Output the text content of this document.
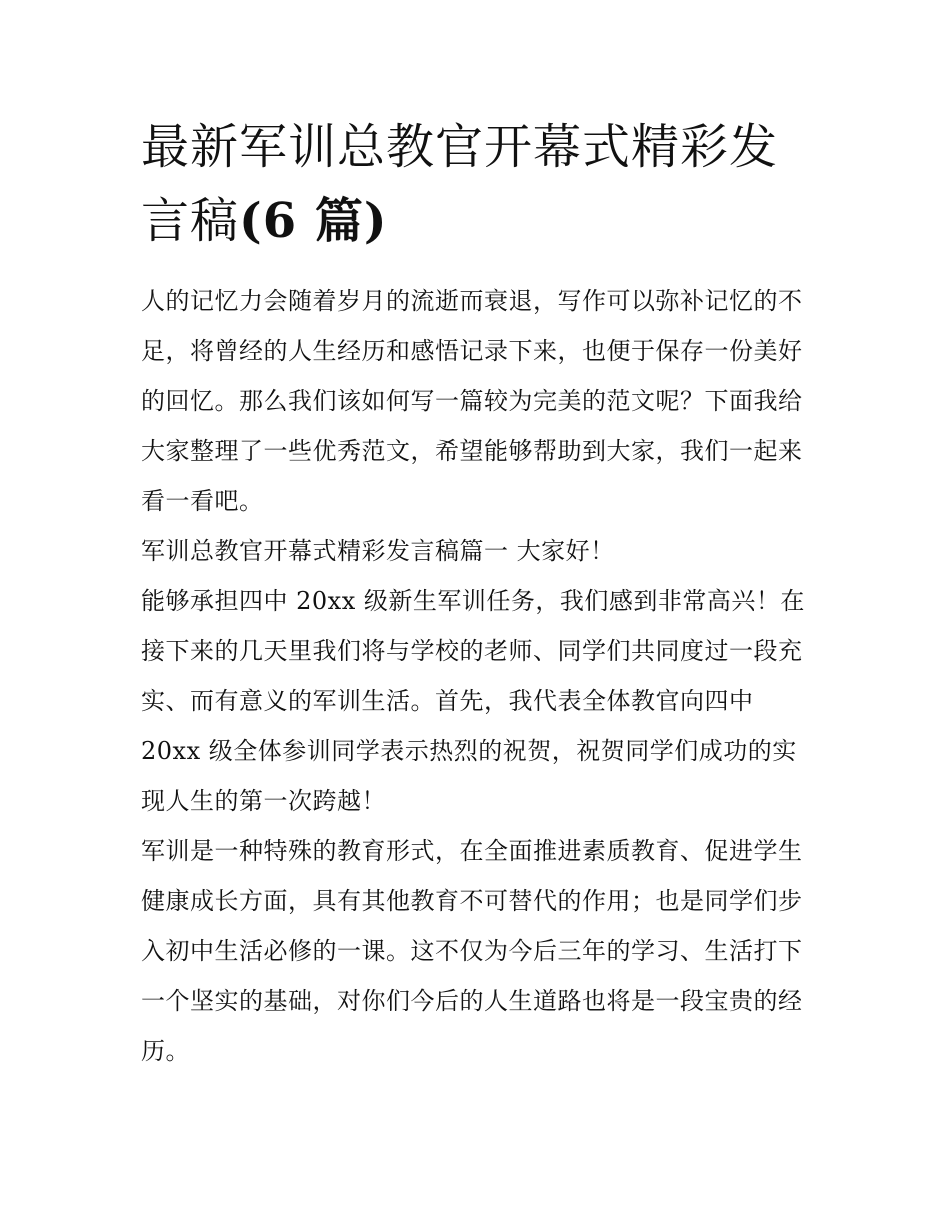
最新军训总教官开幕式精彩发言稿(6 篇)

人的记忆力会随着岁月的流逝而衰退，写作可以弥补记忆的不足，将曾经的人生经历和感悟记录下来，也便于保存一份美好的回忆。那么我们该如何写一篇较为完美的范文呢？下面我给大家整理了一些优秀范文，希望能够帮助到大家，我们一起来看一看吧。

军训总教官开幕式精彩发言稿篇一 大家好！

能够承担四中 20xx 级新生军训任务，我们感到非常高兴！在接下来的几天里我们将与学校的老师、同学们共同度过一段充实、而有意义的军训生活。首先，我代表全体教官向四中

20xx 级全体参训同学表示热烈的祝贺，祝贺同学们成功的实现人生的第一次跨越！

军训是一种特殊的教育形式，在全面推进素质教育、促进学生健康成长方面，具有其他教育不可替代的作用；也是同学们步入初中生活必修的一课。这不仅为今后三年的学习、生活打下一个坚实的基础，对你们今后的人生道路也将是一段宝贵的经历。
